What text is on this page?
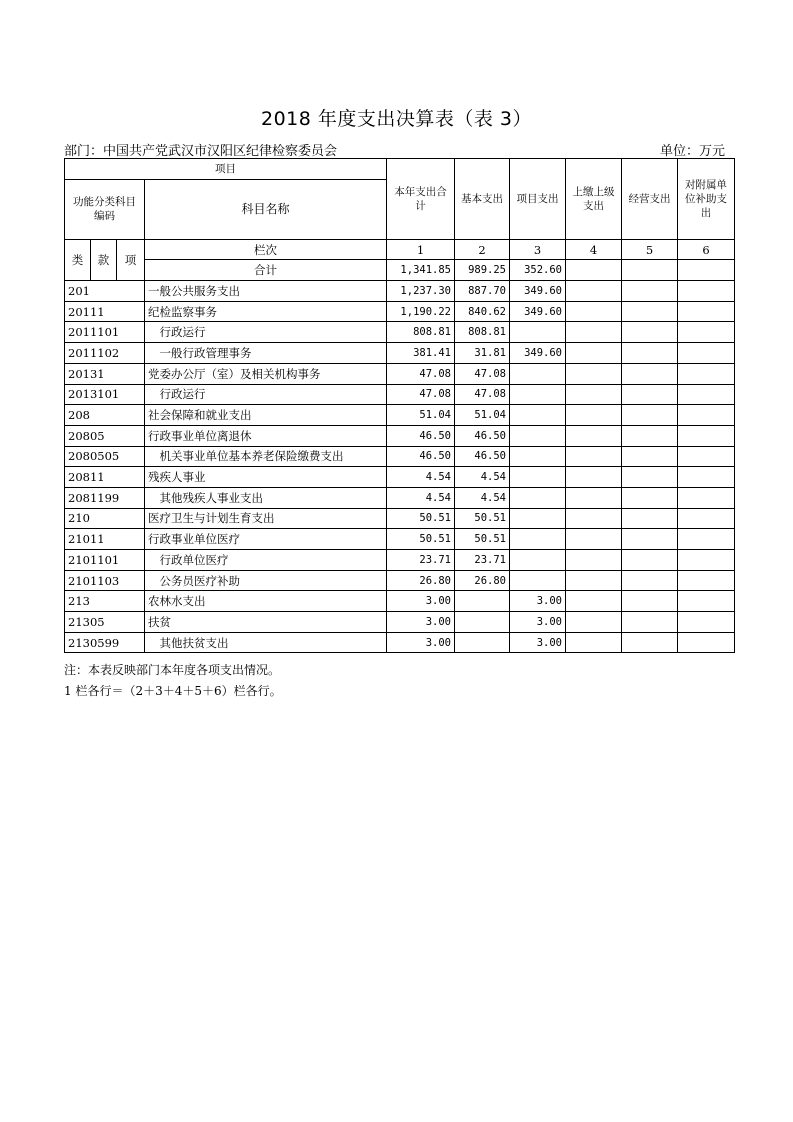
2018 年度支出决算表（表 3）
部门：中国共产党武汉市汉阳区纪律检察委员会	单位：万元
项目				本年支出合计	基本支出	项目支出	上缴上级支出	经营支出	对附属单位补助支出
功能分类科目编码			科目名称						

类	款	项	栏次	1	2	3	4	5	6
			合计	1,341.85	989.25	352.60			
201			一般公共服务支出	1,237.30	887.70	349.60			
20111			纪检监察事务	1,190.22	840.62	349.60			
2011101			　行政运行	808.81	808.81				
2011102			　一般行政管理事务	381.41	31.81	349.60			
20131			党委办公厅（室）及相关机构事务	47.08	47.08				
2013101			　行政运行	47.08	47.08				
208			社会保障和就业支出	51.04	51.04				
20805			行政事业单位离退休	46.50	46.50				
2080505			　机关事业单位基本养老保险缴费支出	46.50	46.50				
20811			残疾人事业	4.54	4.54				
2081199			　其他残疾人事业支出	4.54	4.54				
210			医疗卫生与计划生育支出	50.51	50.51				
21011			行政事业单位医疗	50.51	50.51				
2101101			　行政单位医疗	23.71	23.71				
2101103			　公务员医疗补助	26.80	26.80				
213			农林水支出	3.00		3.00			
21305			扶贫	3.00		3.00			
2130599			　其他扶贫支出	3.00		3.00			
注：本表反映部门本年度各项支出情况。
1 栏各行＝（2＋3＋4＋5＋6）栏各行。
